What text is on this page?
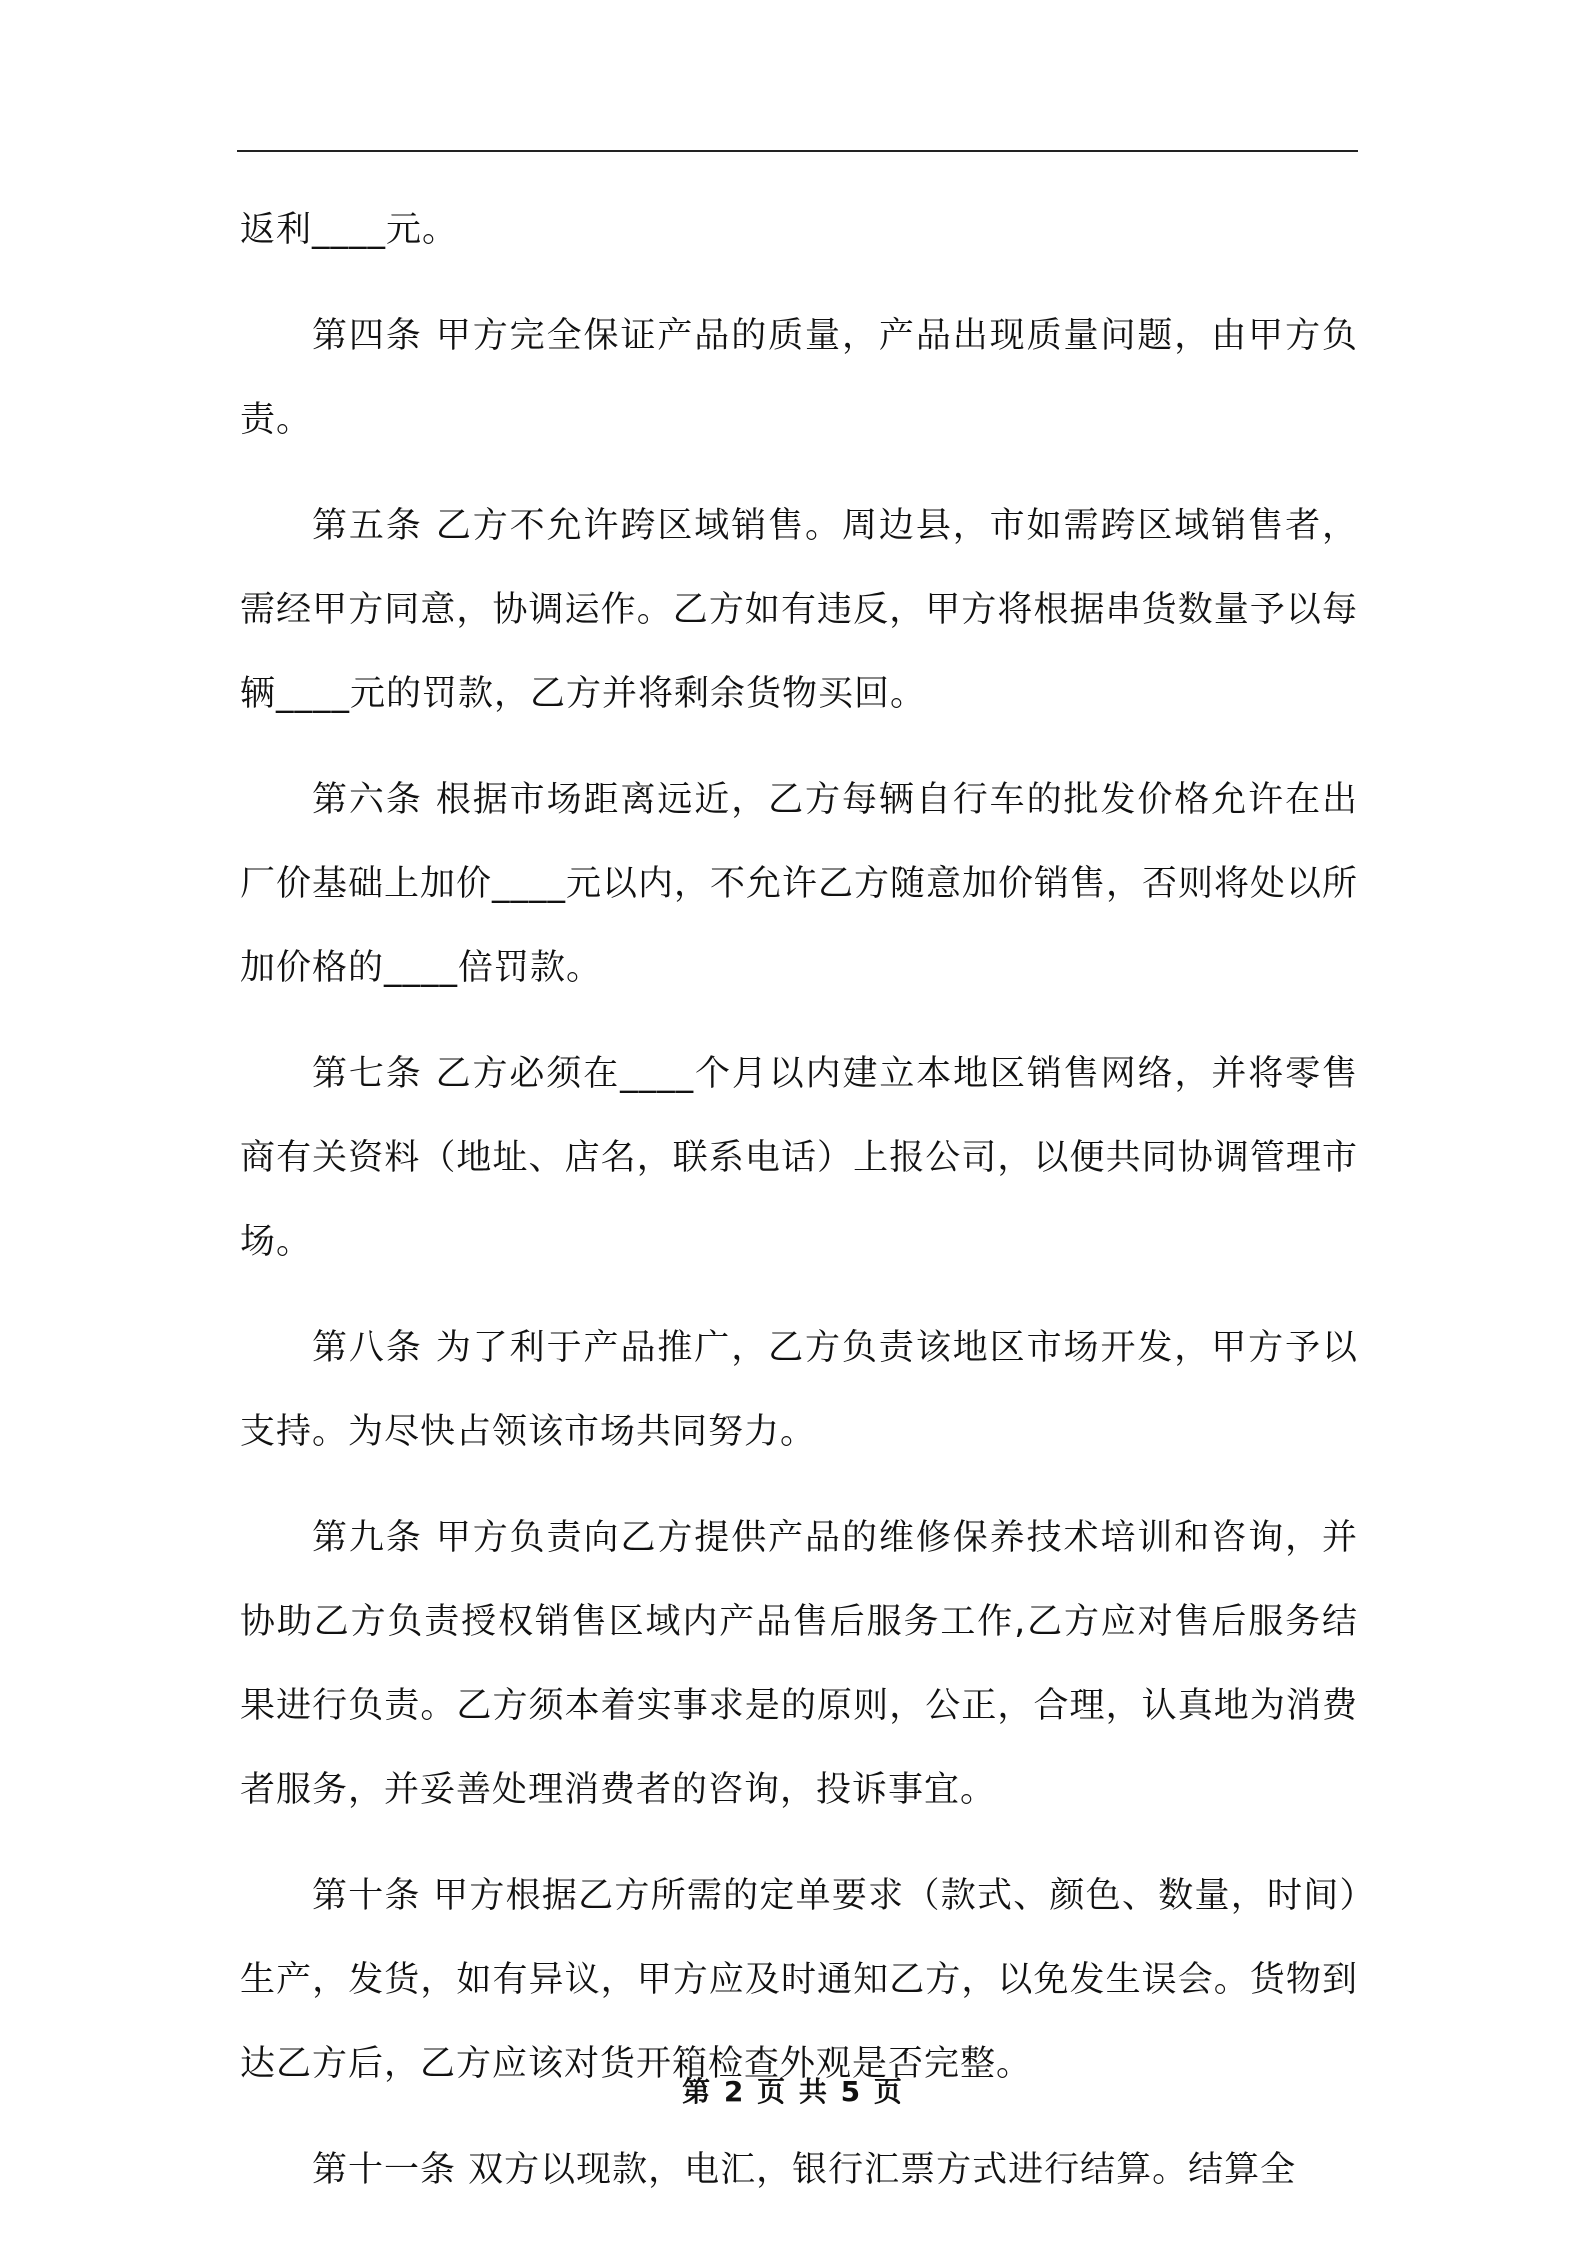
返利____元。

第四条 甲方完全保证产品的质量，产品出现质量问题，由甲方负责。

第五条 乙方不允许跨区域销售。周边县，市如需跨区域销售者，需经甲方同意，协调运作。乙方如有违反，甲方将根据串货数量予以每辆____元的罚款，乙方并将剩余货物买回。

第六条 根据市场距离远近，乙方每辆自行车的批发价格允许在出厂价基础上加价____元以内，不允许乙方随意加价销售，否则将处以所加价格的____倍罚款。

第七条 乙方必须在____个月以内建立本地区销售网络，并将零售商有关资料（地址、店名，联系电话）上报公司，以便共同协调管理市场。

第八条 为了利于产品推广，乙方负责该地区市场开发，甲方予以支持。为尽快占领该市场共同努力。

第九条 甲方负责向乙方提供产品的维修保养技术培训和咨询，并协助乙方负责授权销售区域内产品售后服务工作,乙方应对售后服务结果进行负责。乙方须本着实事求是的原则，公正，合理，认真地为消费者服务，并妥善处理消费者的咨询，投诉事宜。

第十条 甲方根据乙方所需的定单要求（款式、颜色、数量，时间）生产，发货，如有异议，甲方应及时通知乙方，以免发生误会。货物到达乙方后，乙方应该对货开箱检查外观是否完整。

第十一条 双方以现款，电汇，银行汇票方式进行结算。结算全

第 2 页 共 5 页
